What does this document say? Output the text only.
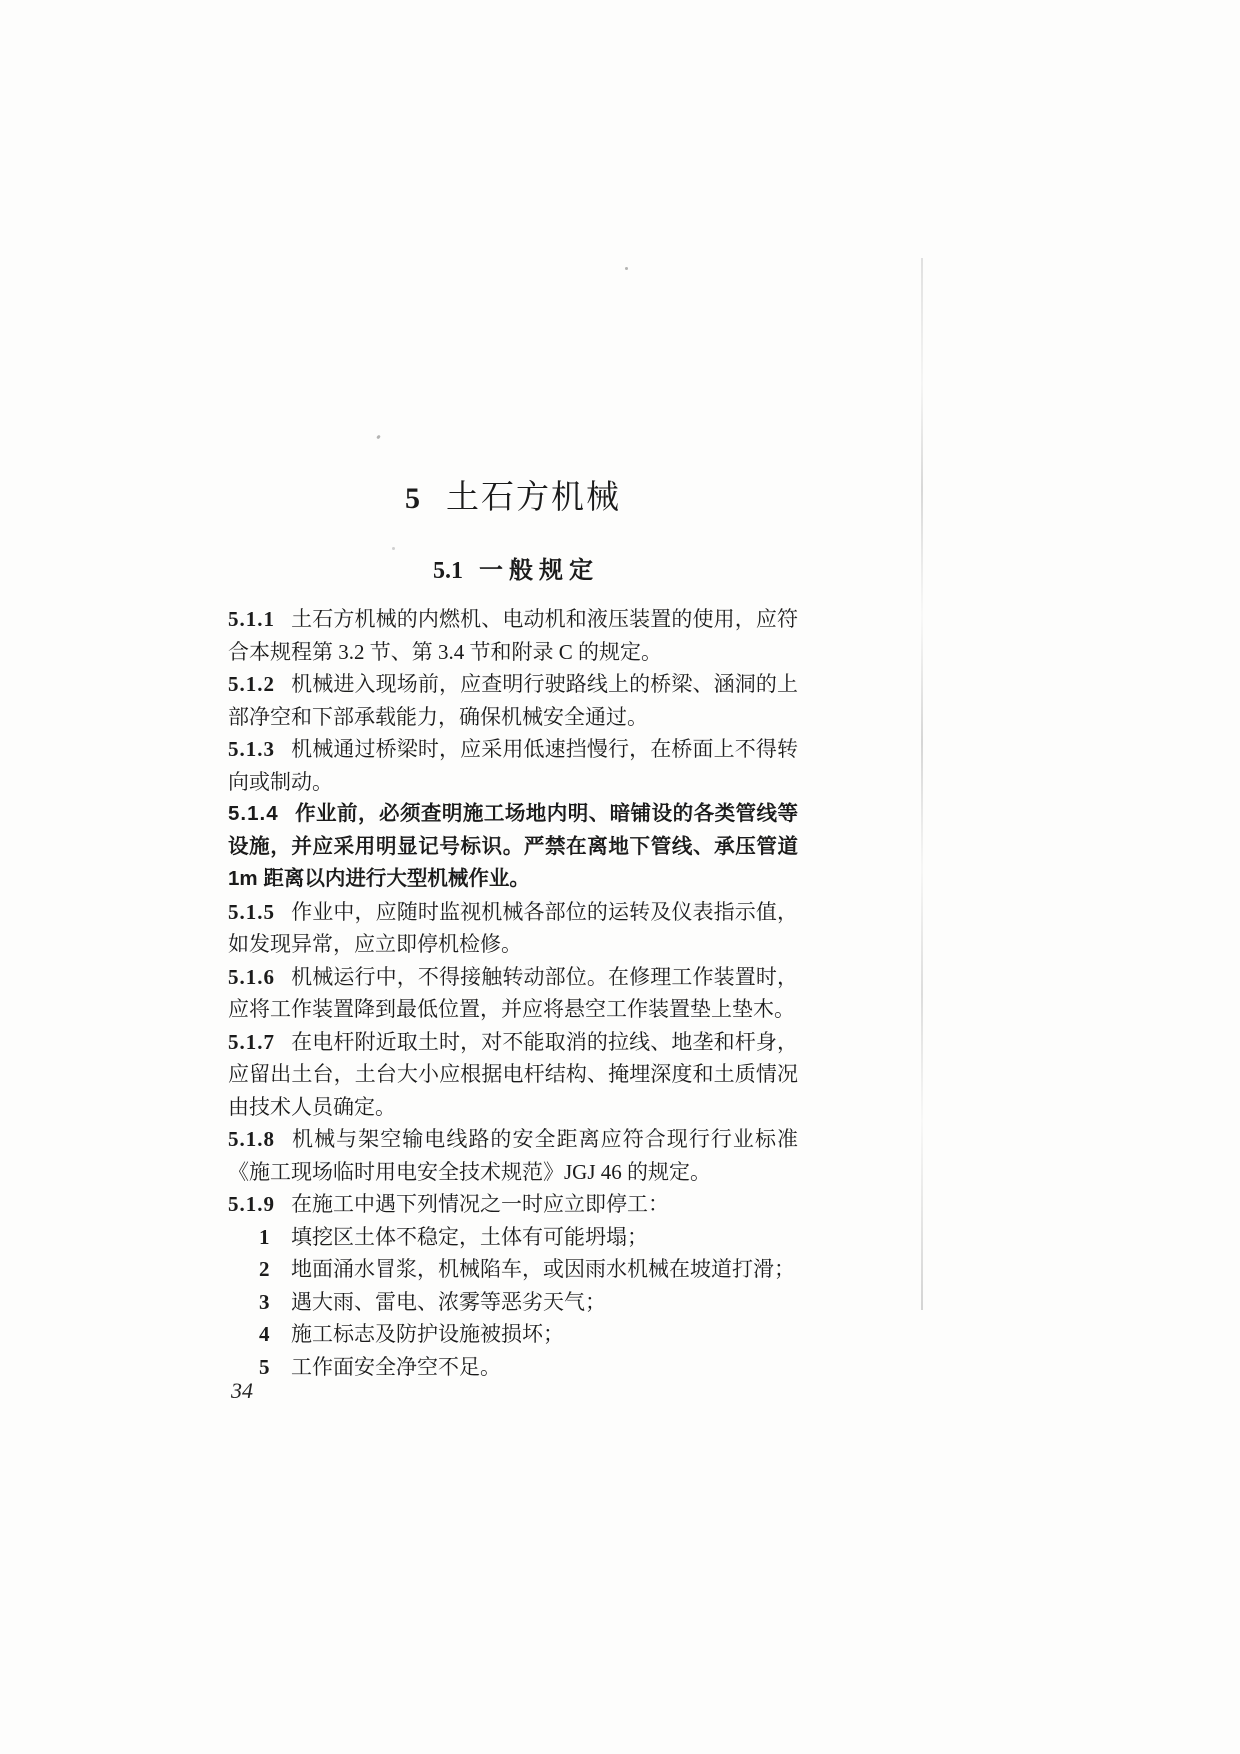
5 土石方机械
5.1 一 般 规 定

5.1.1 土石方机械的内燃机、电动机和液压装置的使用，应符合本规程第 3.2 节、第 3.4 节和附录 C 的规定。

5.1.2 机械进入现场前，应查明行驶路线上的桥梁、涵洞的上部净空和下部承载能力，确保机械安全通过。

5.1.3 机械通过桥梁时，应采用低速挡慢行，在桥面上不得转向或制动。

5.1.4 作业前，必须查明施工场地内明、暗铺设的各类管线等设施，并应采用明显记号标识。严禁在离地下管线、承压管道 1m 距离以内进行大型机械作业。

5.1.5 作业中，应随时监视机械各部位的运转及仪表指示值，如发现异常，应立即停机检修。

5.1.6 机械运行中，不得接触转动部位。在修理工作装置时，应将工作装置降到最低位置，并应将悬空工作装置垫上垫木。

5.1.7 在电杆附近取土时，对不能取消的拉线、地垄和杆身，应留出土台，土台大小应根据电杆结构、掩埋深度和土质情况由技术人员确定。

5.1.8 机械与架空输电线路的安全距离应符合现行行业标准《施工现场临时用电安全技术规范》JGJ 46 的规定。

5.1.9 在施工中遇下列情况之一时应立即停工：

1 填挖区土体不稳定，土体有可能坍塌；
2 地面涌水冒浆，机械陷车，或因雨水机械在坡道打滑；
3 遇大雨、雷电、浓雾等恶劣天气；
4 施工标志及防护设施被损坏；
5 工作面安全净空不足。
34
